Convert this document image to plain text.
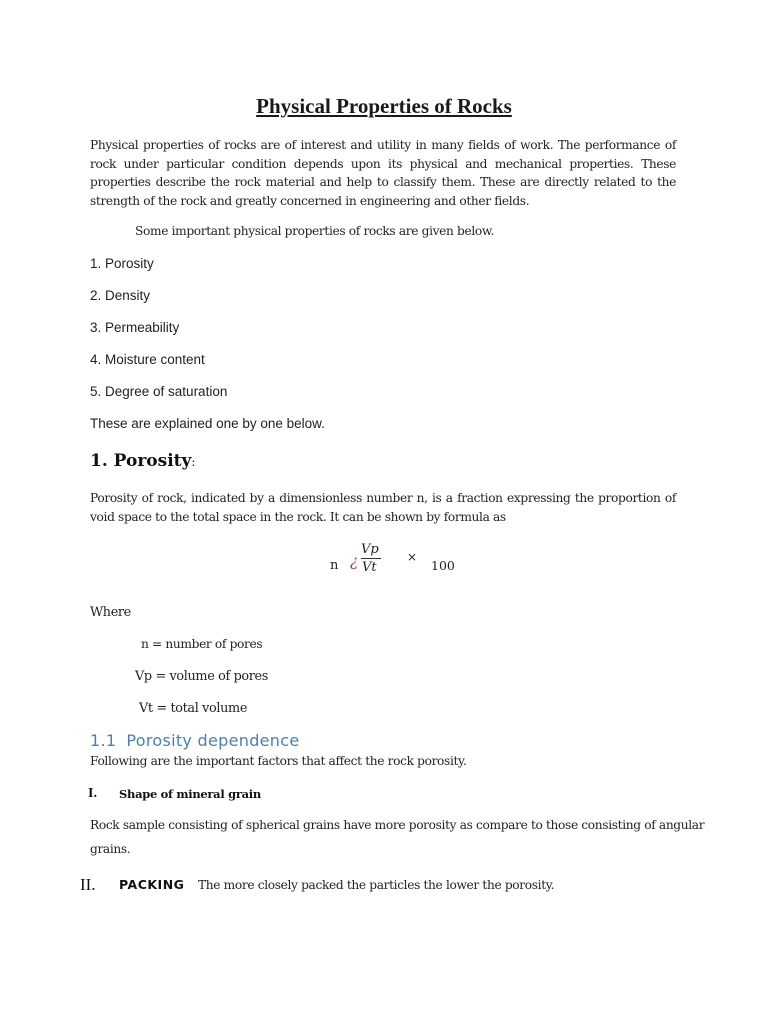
Physical Properties of Rocks
Physical properties of rocks are of interest and utility in many fields of work. The performance of rock under particular condition depends upon its physical and mechanical properties. These properties describe the rock material and help to classify them. These are directly related to the strength of the rock and greatly concerned in engineering and other fields.
Some important physical properties of rocks are given below.
1. Porosity
2. Density
3. Permeability
4. Moisture content
5. Degree of saturation
These are explained one by one below.
1. Porosity:
Porosity of rock, indicated by a dimensionless number n, is a fraction expressing the proportion of void space to the total space in the rock. It can be shown by formula as
n ¿
Vp
Vt
×
100
Where
n = number of pores
Vp = volume of pores
Vt = total volume
1.1 Porosity dependence
Following are the important factors that affect the rock porosity.
I. Shape of mineral grain
Rock sample consisting of spherical grains have more porosity as compare to those consisting of angular
grains.
II. PACKING The more closely packed the particles the lower the porosity.
